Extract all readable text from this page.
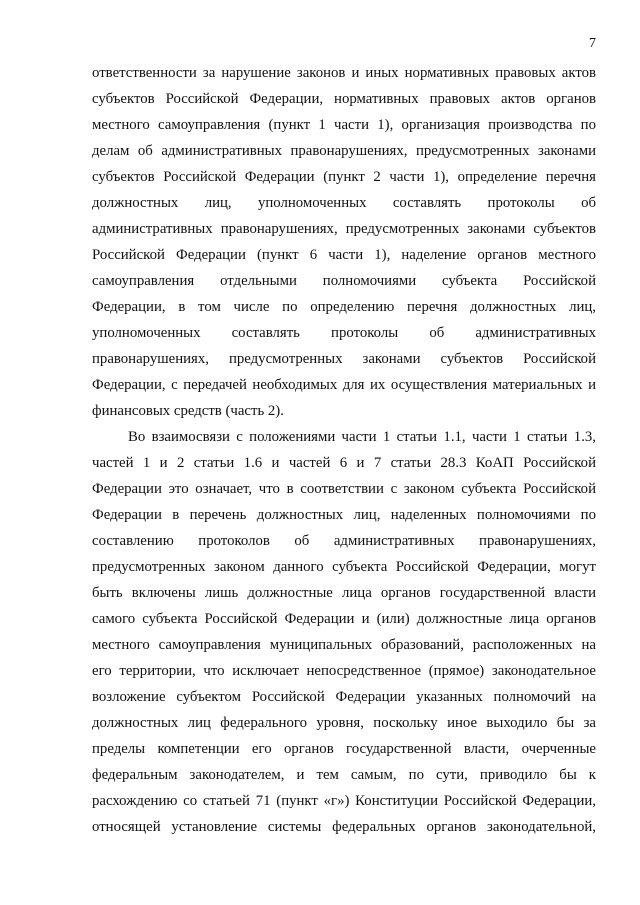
7
ответственности за нарушение законов и иных нормативных правовых актов
субъектов Российской Федерации, нормативных правовых актов органов
местного самоуправления (пункт 1 части 1), организация производства по
делам об административных правонарушениях, предусмотренных законами
субъектов Российской Федерации (пункт 2 части 1), определение перечня
должностных лиц, уполномоченных составлять протоколы об
административных правонарушениях, предусмотренных законами субъектов
Российской Федерации (пункт 6 части 1), наделение органов местного
самоуправления отдельными полномочиями субъекта Российской
Федерации, в том числе по определению перечня должностных лиц,
уполномоченных составлять протоколы об административных
правонарушениях, предусмотренных законами субъектов Российской
Федерации, с передачей необходимых для их осуществления материальных и
финансовых средств (часть 2).
Во взаимосвязи с положениями части 1 статьи 1.1, части 1 статьи 1.3,
частей 1 и 2 статьи 1.6 и частей 6 и 7 статьи 28.3 КоАП Российской
Федерации это означает, что в соответствии с законом субъекта Российской
Федерации в перечень должностных лиц, наделенных полномочиями по
составлению протоколов об административных правонарушениях,
предусмотренных законом данного субъекта Российской Федерации, могут
быть включены лишь должностные лица органов государственной власти
самого субъекта Российской Федерации и (или) должностные лица органов
местного самоуправления муниципальных образований, расположенных на
его территории, что исключает непосредственное (прямое) законодательное
возложение субъектом Российской Федерации указанных полномочий на
должностных лиц федерального уровня, поскольку иное выходило бы за
пределы компетенции его органов государственной власти, очерченные
федеральным законодателем, и тем самым, по сути, приводило бы к
расхождению со статьей 71 (пункт «г») Конституции Российской Федерации,
относящей установление системы федеральных органов законодательной,
